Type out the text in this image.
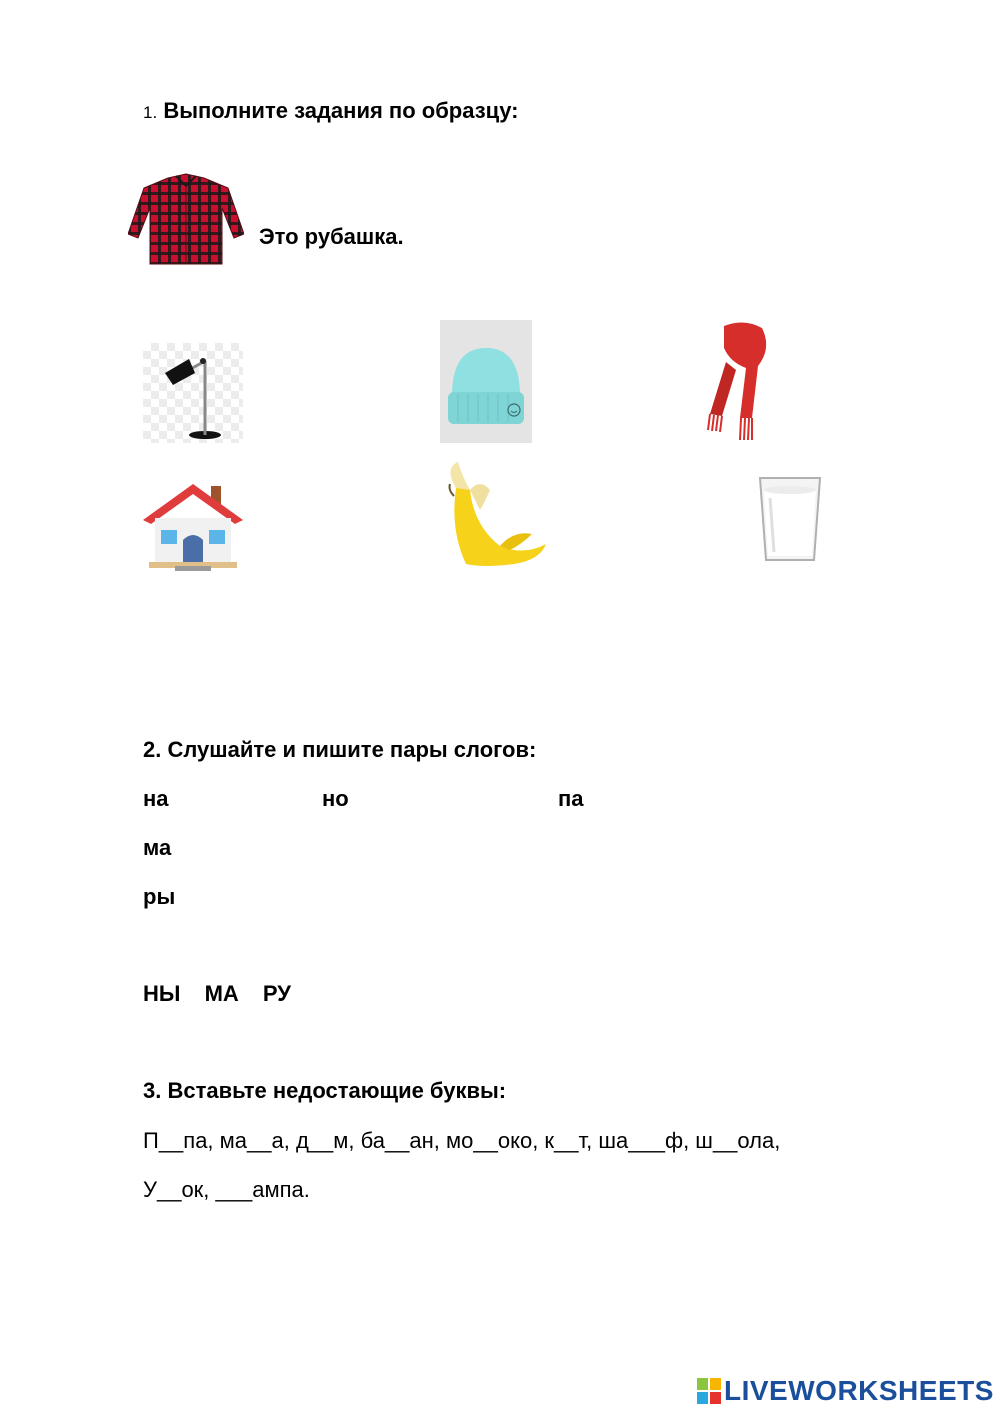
1. Выполните задания по образцу:
Это рубашка.
2. Слушайте и пишите пары слогов:
на	но	па
ма
ры
НЫ МА РУ
3. Вставьте недостающие буквы:
П__па, ма__а, д__м, ба__ан, мо__око, к__т, ша___ф, ш__ола,
У__ок, ___ампа.
LIVEWORKSHEETS
